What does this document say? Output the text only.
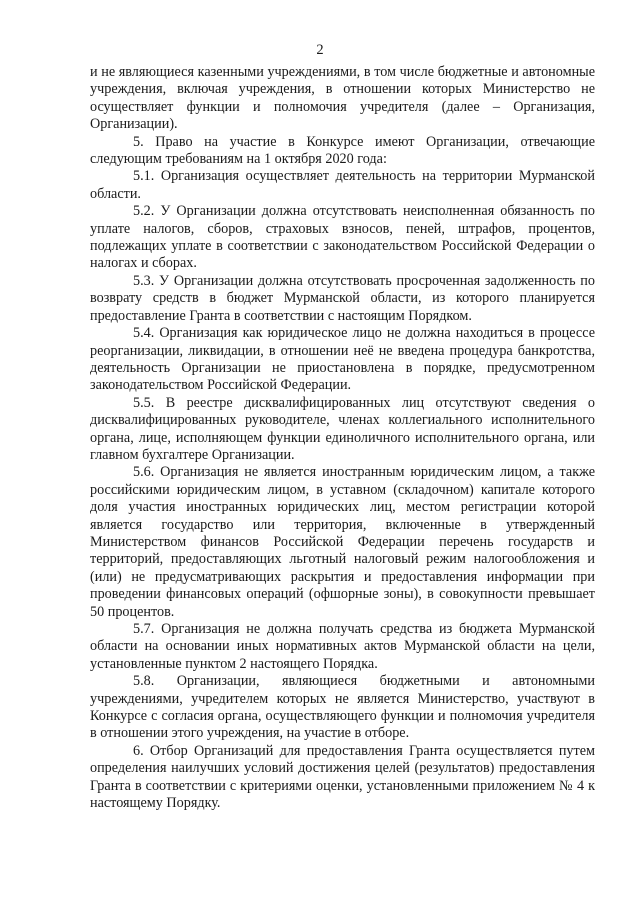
2

и не являющиеся казенными учреждениями, в том числе бюджетные и автономные учреждения, включая учреждения, в отношении которых Министерство не осуществляет функции и полномочия учредителя (далее – Организация, Организации).

5. Право на участие в Конкурсе имеют Организации, отвечающие следующим требованиям на 1 октября 2020 года:

5.1. Организация осуществляет деятельность на территории Мурманской области.

5.2. У Организации должна отсутствовать неисполненная обязанность по уплате налогов, сборов, страховых взносов, пеней, штрафов, процентов, подлежащих уплате в соответствии с законодательством Российской Федерации о налогах и сборах.

5.3. У Организации должна отсутствовать просроченная задолженность по возврату средств в бюджет Мурманской области, из которого планируется предоставление Гранта в соответствии с настоящим Порядком.

5.4. Организация как юридическое лицо не должна находиться в процессе реорганизации, ликвидации, в отношении неё не введена процедура банкротства, деятельность Организации не приостановлена в порядке, предусмотренном законодательством Российской Федерации.

5.5. В реестре дисквалифицированных лиц отсутствуют сведения о дисквалифицированных руководителе, членах коллегиального исполнительного органа, лице, исполняющем функции единоличного исполнительного органа, или главном бухгалтере Организации.

5.6. Организация не является иностранным юридическим лицом, а также российскими юридическим лицом, в уставном (складочном) капитале которого доля участия иностранных юридических лиц, местом регистрации которой является государство или территория, включенные в утвержденный Министерством финансов Российской Федерации перечень государств и территорий, предоставляющих льготный налоговый режим налогообложения и (или) не предусматривающих раскрытия и предоставления информации при проведении финансовых операций (офшорные зоны), в совокупности превышает 50 процентов.

5.7. Организация не должна получать средства из бюджета Мурманской области на основании иных нормативных актов Мурманской области на цели, установленные пунктом 2 настоящего Порядка.

5.8. Организации, являющиеся бюджетными и автономными учреждениями, учредителем которых не является Министерство, участвуют в Конкурсе с согласия органа, осуществляющего функции и полномочия учредителя в отношении этого учреждения, на участие в отборе.

6. Отбор Организаций для предоставления Гранта осуществляется путем определения наилучших условий достижения целей (результатов) предоставления Гранта в соответствии с критериями оценки, установленными приложением № 4 к настоящему Порядку.
